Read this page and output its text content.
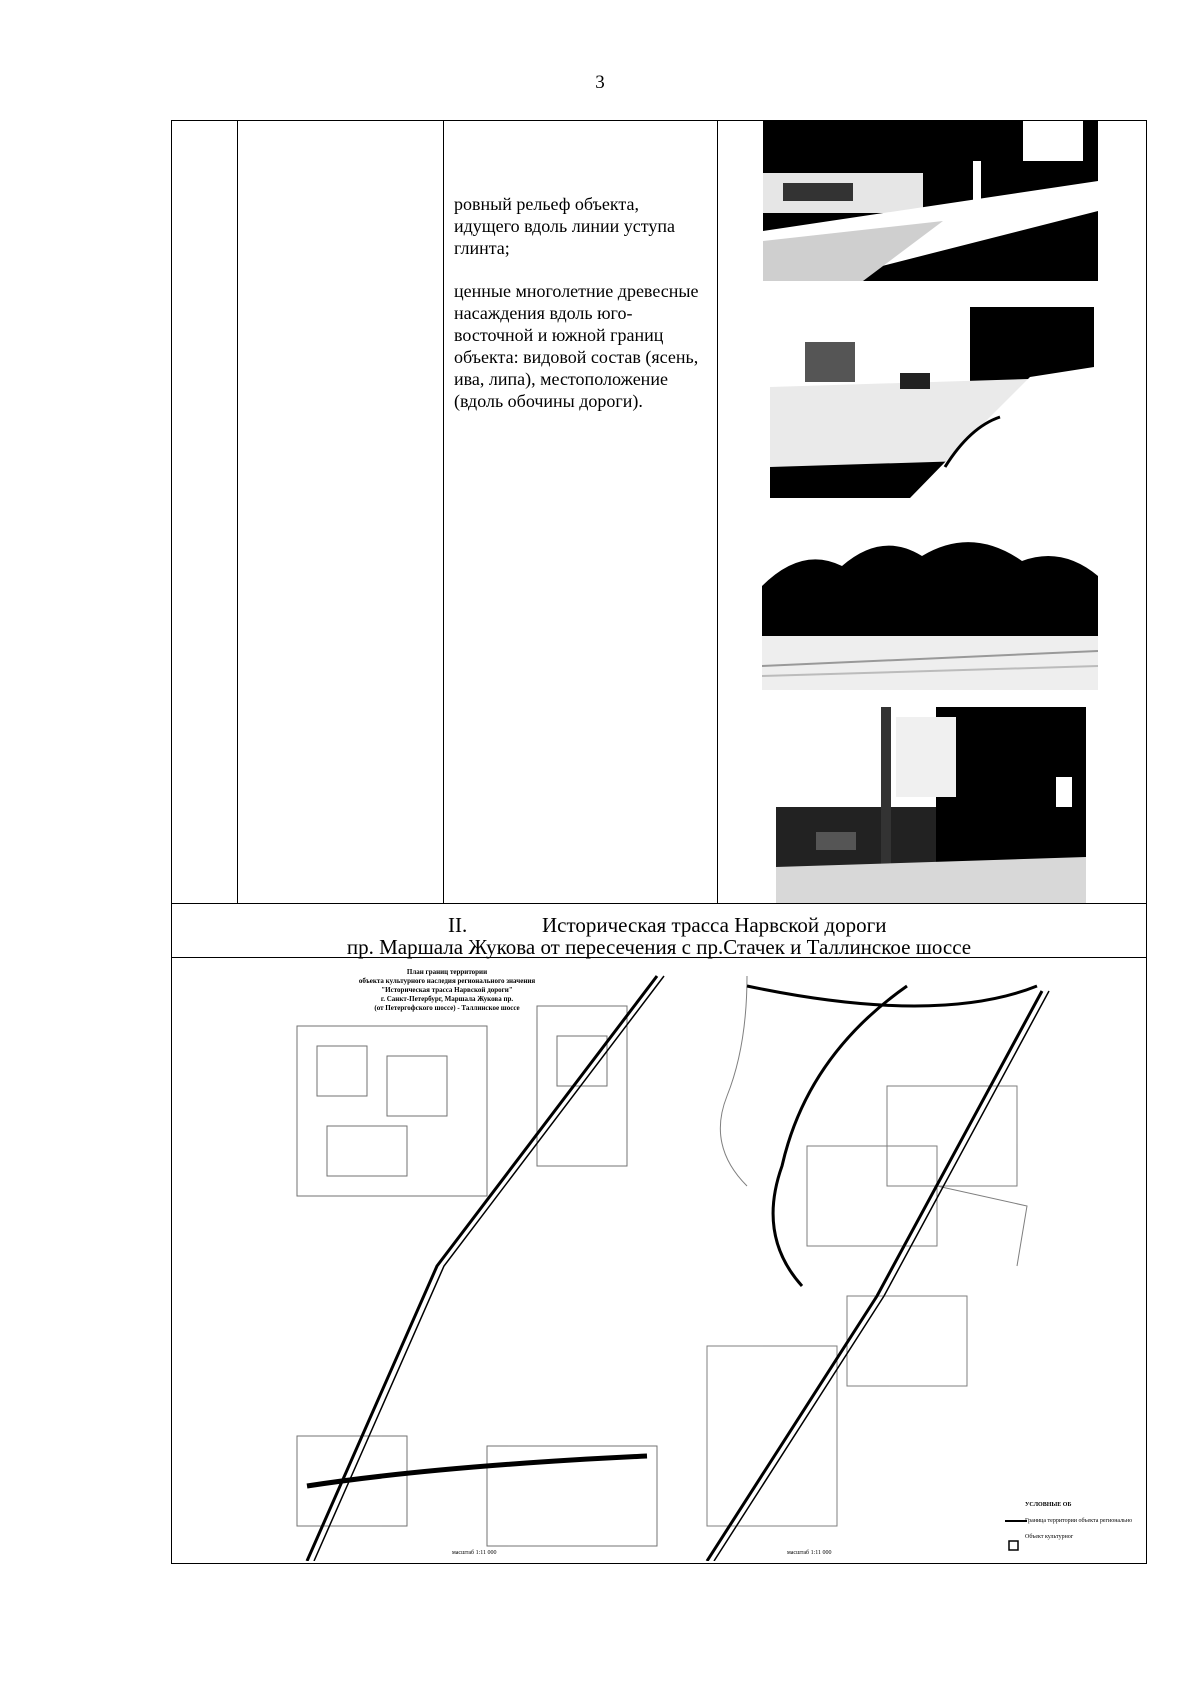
3

ровный рельеф объекта, идущего вдоль линии уступа глинта;

ценные многолетние древесные насаждения вдоль юго-восточной и южной границ объекта: видовой состав (ясень, ива, липа), местоположение (вдоль обочины дороги).

II.	Историческая трасса Нарвской дороги
пр. Маршала Жукова от пересечения с пр.Стачек и Таллинское шоссе
План границ территории
объекта культурного наследия регионального значения
"Историческая трасса Нарвской дороги"
г. Санкт-Петербург, Маршала Жукова пр.
(от Петергофского шоссе) - Таллинское шоссе
масштаб 1:11 000	масштаб 1:11 000
УСЛОВНЫЕ ОБ
Граница территории объекта регионально
Объект культурног
